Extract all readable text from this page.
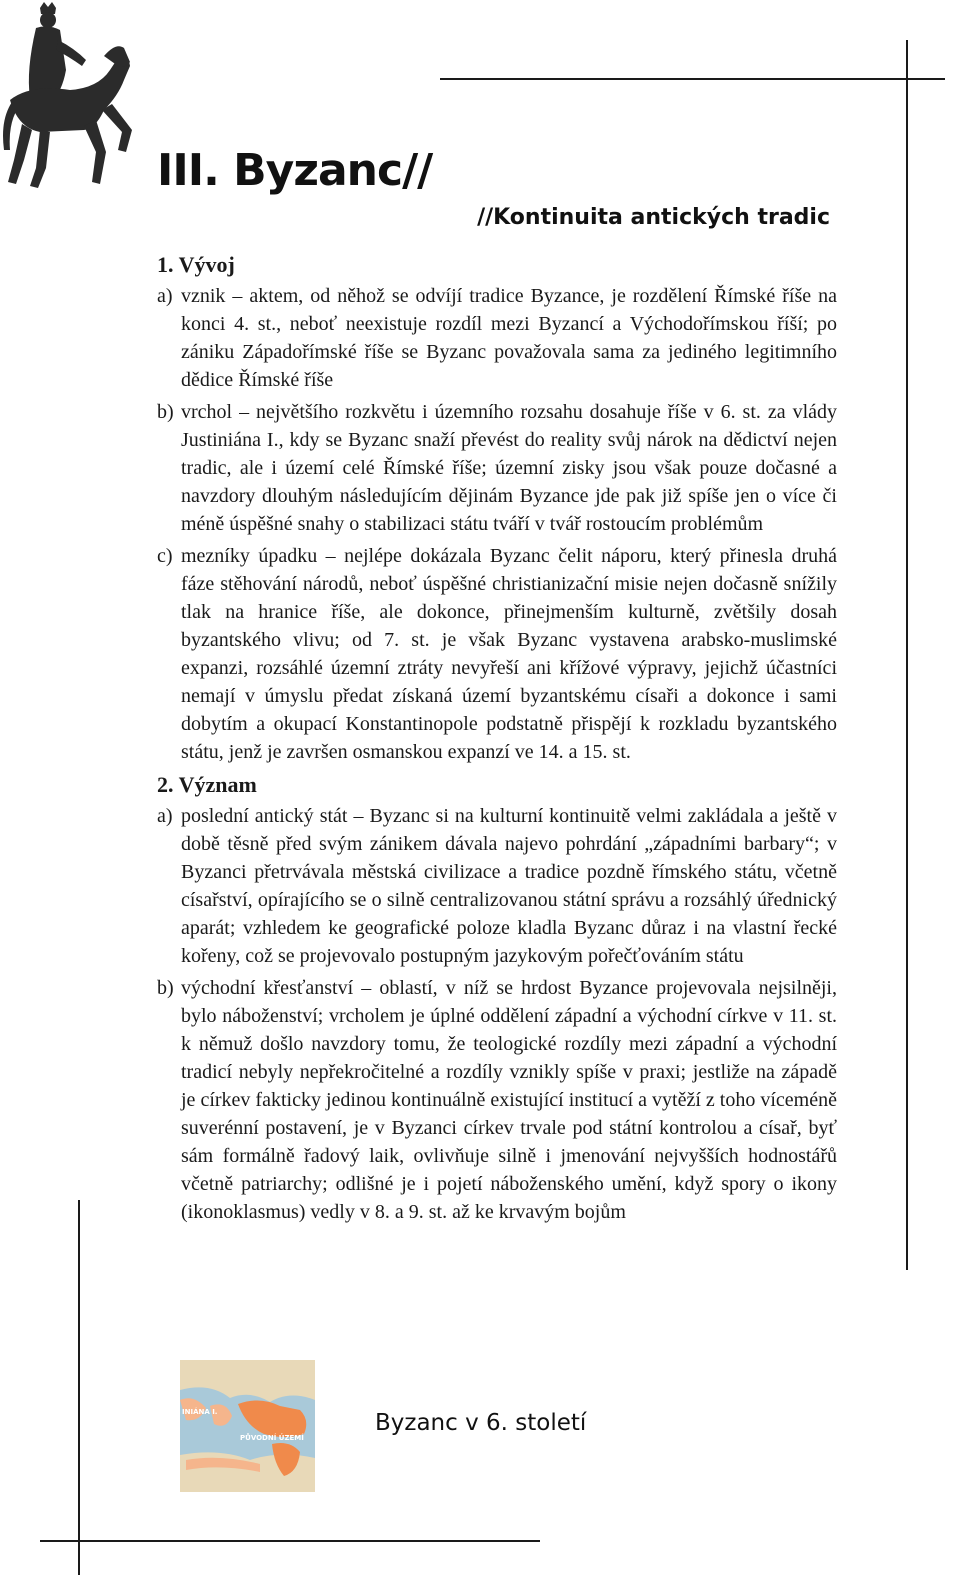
III. Byzanc//
//Kontinuita antických tradic
1. Vývoj
a) vznik – aktem, od něhož se odvíjí tradice Byzance, je rozdělení Římské říše na konci 4. st., neboť neexistuje rozdíl mezi Byzancí a Východořímskou říší; po zániku Západořímské říše se Byzanc považovala sama za jediného legitimního dědice Římské říše
b) vrchol – největšího rozkvětu i územního rozsahu dosahuje říše v 6. st. za vlády Justiniána I., kdy se Byzanc snaží převést do reality svůj nárok na dědictví nejen tradic, ale i území celé Římské říše; územní zisky jsou však pouze dočasné a navzdory dlouhým následujícím dějinám Byzance jde pak již spíše jen o více či méně úspěšné snahy o stabilizaci státu tváří v tvář rostoucím problémům
c) mezníky úpadku – nejlépe dokázala Byzanc čelit náporu, který přinesla druhá fáze stěhování národů, neboť úspěšné christianizační misie nejen dočasně snížily tlak na hranice říše, ale dokonce, přinejmenším kulturně, zvětšily dosah byzantského vlivu; od 7. st. je však Byzanc vystavena arabsko-muslimské expanzi, rozsáhlé územní ztráty nevyřeší ani křížové výpravy, jejichž účastníci nemají v úmyslu předat získaná území byzantskému císaři a dokonce i sami dobytím a okupací Konstantinopole podstatně přispějí k rozkladu byzantského státu, jenž je završen osmanskou expanzí ve 14. a 15. st.
2. Význam
a) poslední antický stát – Byzanc si na kulturní kontinuitě velmi zakládala a ještě v době těsně před svým zánikem dávala najevo pohrdání „západními barbary“; v Byzanci přetrvávala městská civilizace a tradice pozdně římského státu, včetně císařství, opírajícího se o silně centralizovanou státní správu a rozsáhlý úřednický aparát; vzhledem ke geografické poloze kladla Byzanc důraz i na vlastní řecké kořeny, což se projevovalo postupným jazykovým pořečťováním státu
b) východní křesťanství – oblastí, v níž se hrdost Byzance projevovala nejsilněji, bylo náboženství; vrcholem je úplné oddělení západní a východní církve v 11. st. k němuž došlo navzdory tomu, že teologické rozdíly mezi západní a východní tradicí nebyly nepřekročitelné a rozdíly vznikly spíše v praxi; jestliže na západě je církev fakticky jedinou kontinuálně existující institucí a vytěží z toho víceméně suverénní postavení, je v Byzanci církev trvale pod státní kontrolou a císař, byť sám formálně řadový laik, ovlivňuje silně i jmenování nejvyšších hodnostářů včetně patriarchy; odlišné je i pojetí náboženského umění, když spory o ikony (ikonoklasmus) vedly v 8. a 9. st. až ke krvavým bojům
INIÁNA I.
PŮVODNÍ ÚZEMÍ

Byzanc v 6. století
